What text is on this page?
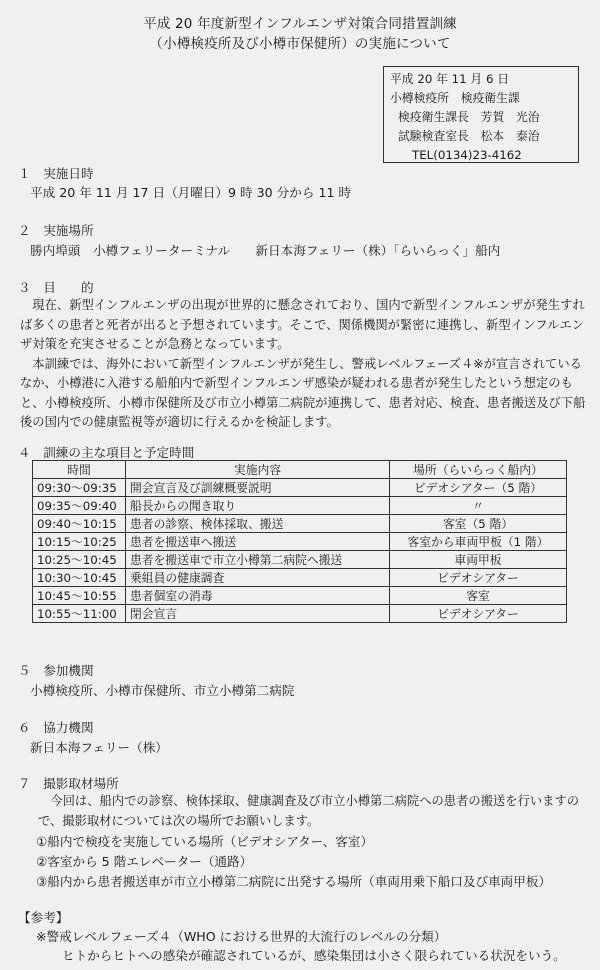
平成 20 年度新型インフルエンザ対策合同措置訓練
（小樽検疫所及び小樽市保健所）の実施について
平成 20 年 11 月 6 日
小樽検疫所　検疫衛生課
検疫衛生課長　芳賀　光治
試験検査室長　松本　泰治
TEL(0134)23-4162
１　実施日時
平成 20 年 11 月 17 日（月曜日）9 時 30 分から 11 時
２　実施場所
勝内埠頭　小樽フェリーターミナル　　新日本海フェリー（株）「らいらっく」船内
３　目　　的

現在、新型インフルエンザの出現が世界的に懸念されており、国内で新型インフルエンザが発生すれば多くの患者と死者が出ると予想されています。そこで、関係機関が緊密に連携し、新型インフルエンザ対策を充実させることが急務となっています。

本訓練では、海外において新型インフルエンザが発生し、警戒レベルフェーズ４※が宣言されているなか、小樽港に入港する船舶内で新型インフルエンザ感染が疑われる患者が発生したという想定のもと、小樽検疫所、小樽市保健所及び市立小樽第二病院が連携して、患者対応、検査、患者搬送及び下船後の国内での健康監視等が適切に行えるかを検証します。

４　訓練の主な項目と予定時間
時間	実施内容	場所（らいらっく船内）
09:30～09:35	開会宣言及び訓練概要説明	ビデオシアター（5 階）
09:35～09:40	船長からの聞き取り	〃
09:40～10:15	患者の診察、検体採取、搬送	客室（5 階）
10:15～10:25	患者を搬送車へ搬送	客室から車両甲板（1 階）
10:25～10:45	患者を搬送車で市立小樽第二病院へ搬送	車両甲板
10:30～10:45	乗組員の健康調査	ビデオシアター
10:45～10:55	患者個室の消毒	客室
10:55～11:00	閉会宣言	ビデオシアター
５　参加機関
小樽検疫所、小樽市保健所、市立小樽第二病院
６　協力機関
新日本海フェリー（株）
７　撮影取材場所

今回は、船内での診察、検体採取、健康調査及び市立小樽第二病院への患者の搬送を行いますので、撮影取材については次の場所でお願いします。

①船内で検疫を実施している場所（ビデオシアター、客室）
②客室から 5 階エレベーター（通路）
③船内から患者搬送車が市立小樽第二病院に出発する場所（車両用乗下船口及び車両甲板）
【参考】
※警戒レベルフェーズ４（WHO における世界的大流行のレベルの分類）
ヒトからヒトへの感染が確認されているが、感染集団は小さく限られている状況をいう。
